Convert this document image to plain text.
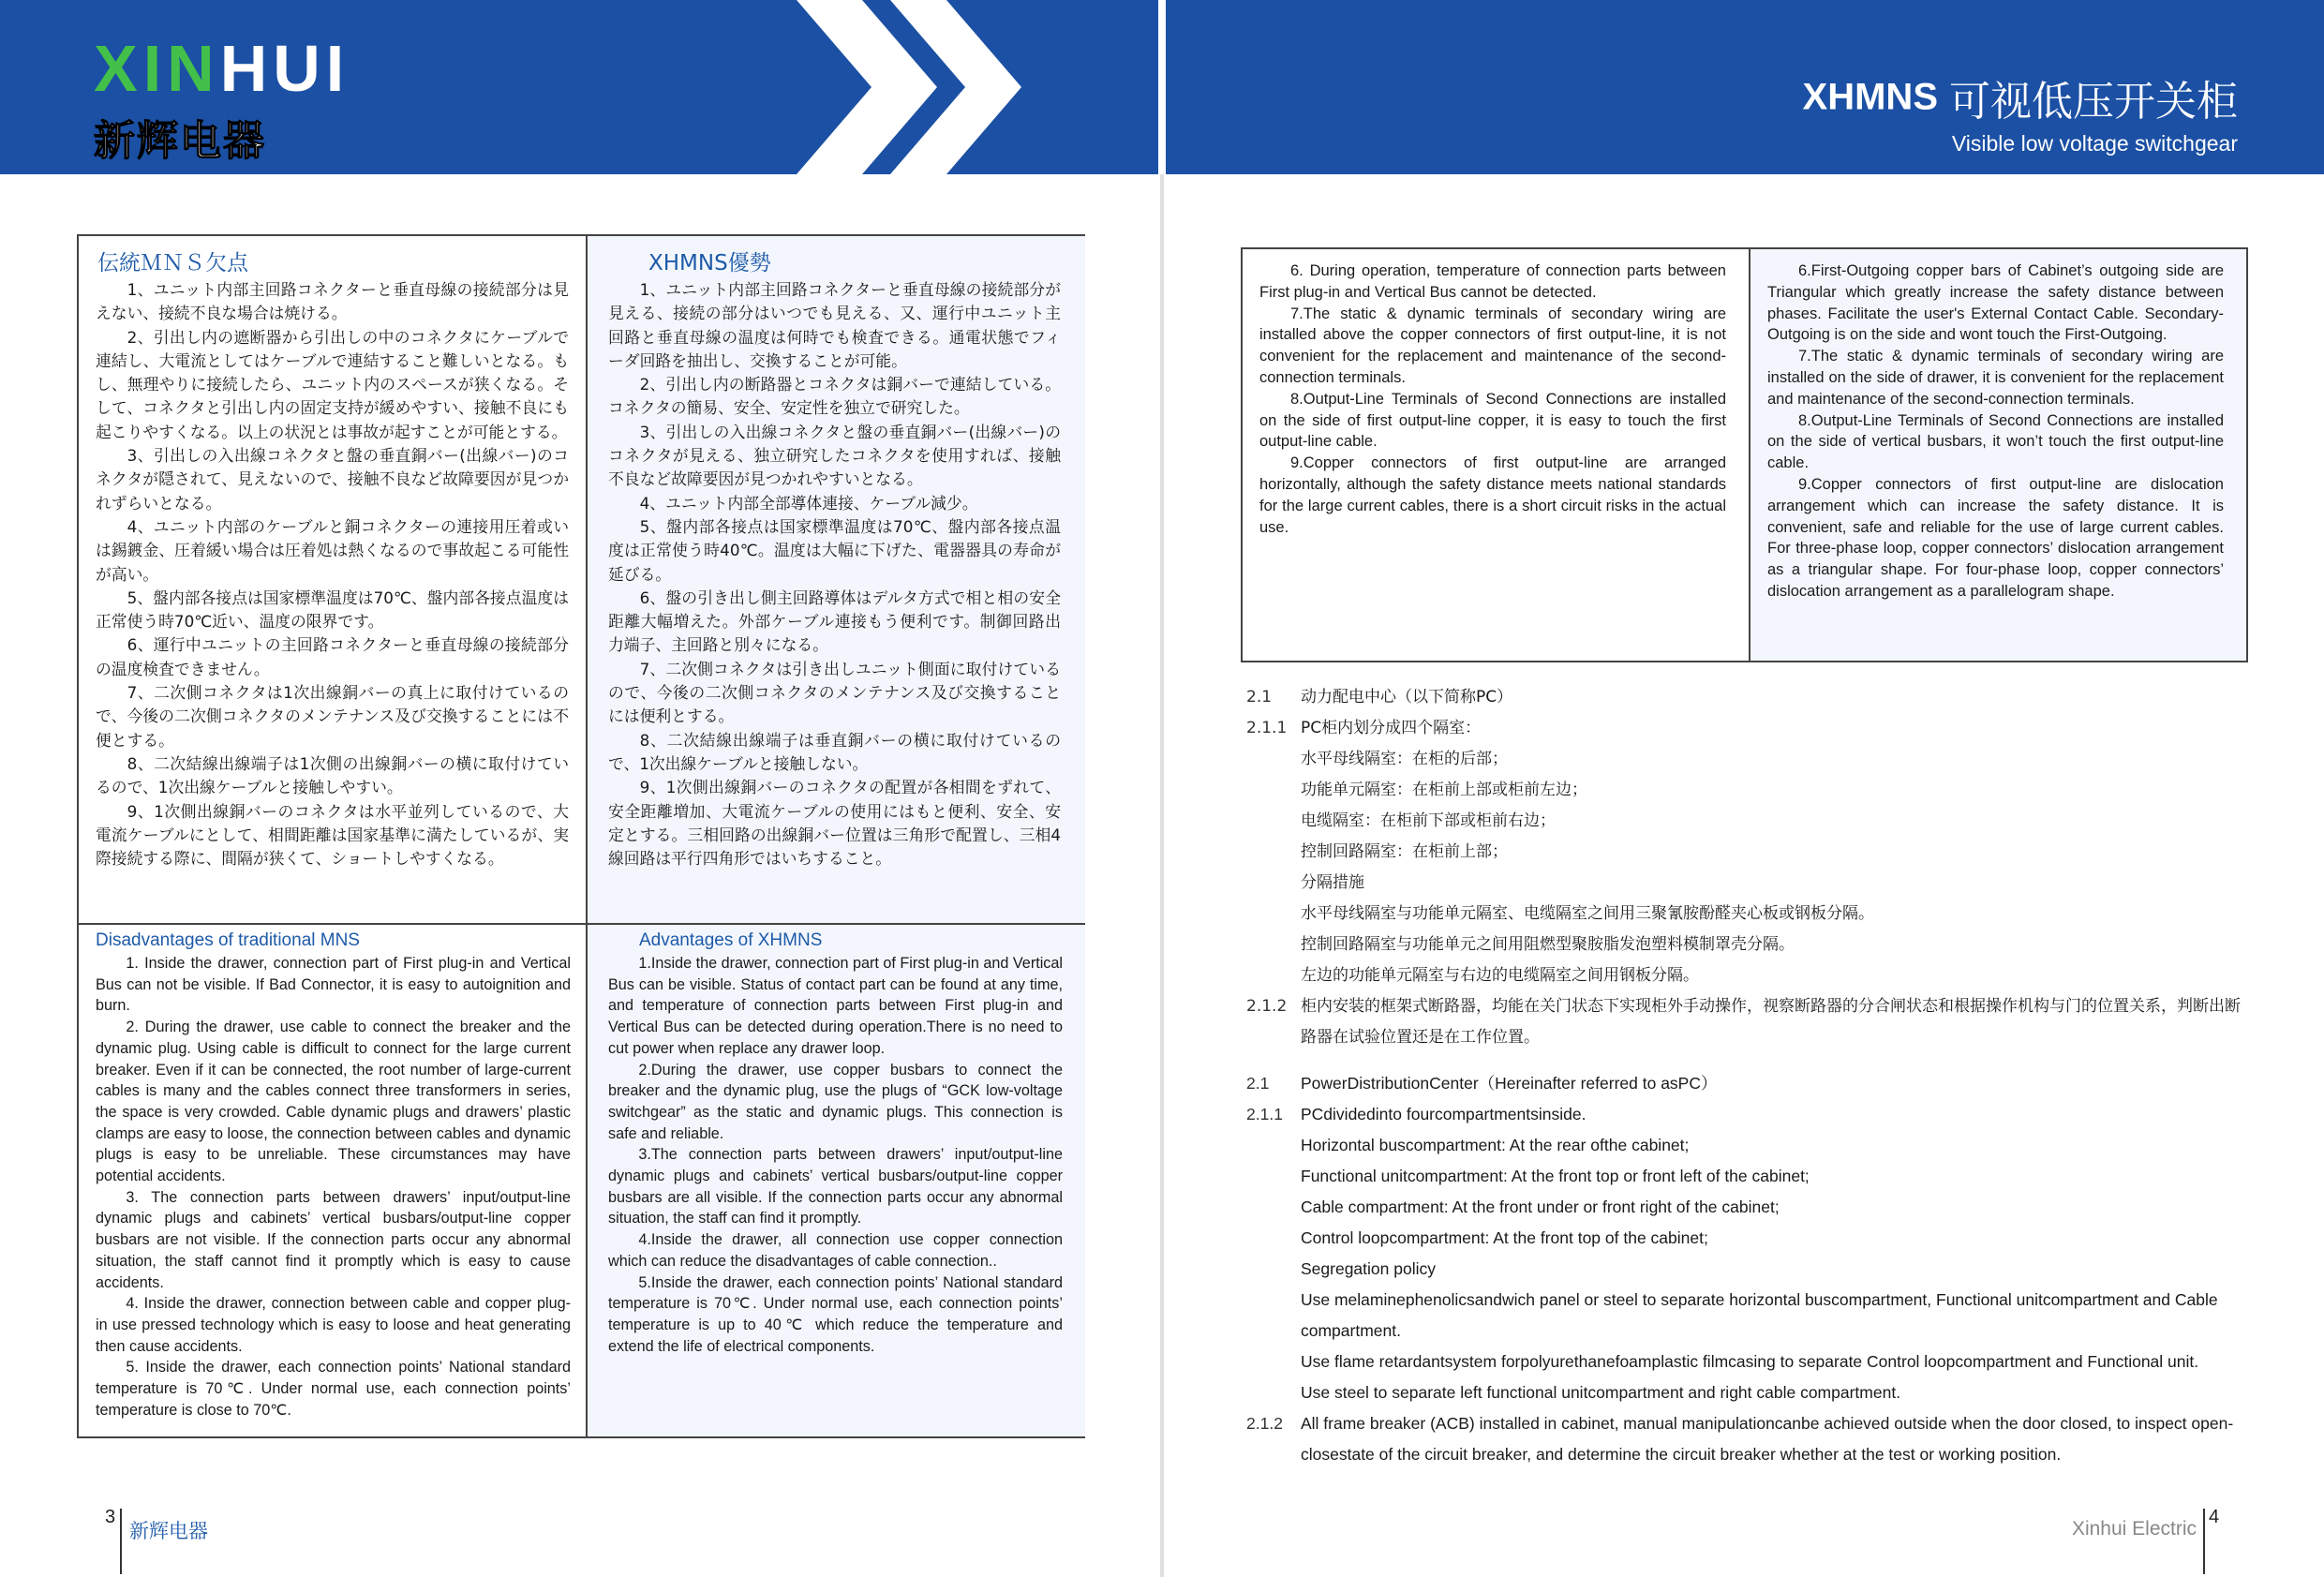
XINHUI
新辉电器
XHMNS 可视低压开关柜
Visible low voltage switchgear
伝統ＭＮＳ欠点

1、ユニット内部主回路コネクターと垂直母線の接続部分は見えない、接続不良な場合は焼ける。

2、引出し内の遮断器から引出しの中のコネクタにケーブルで連結し、大電流としてはケーブルで連結すること難しいとなる。もし、無理やりに接続したら、ユニット内のスペースが狭くなる。そして、コネクタと引出し内の固定支持が緩めやすい、接触不良にも起こりやすくなる。以上の状況とは事故が起すことが可能とする。

3、引出しの入出線コネクタと盤の垂直銅バー(出線バー)のコネクタが隠されて、見えないので、接触不良など故障要因が見つかれずらいとなる。

4、ユニット内部のケーブルと銅コネクターの連接用圧着或いは錫鍍金、圧着緩い場合は圧着処は熱くなるので事故起こる可能性が高い。

5、盤内部各接点は国家標準温度は70℃、盤内部各接点温度は正常使う時70℃近い、温度の限界です。

6、運行中ユニットの主回路コネクターと垂直母線の接続部分の温度検査できません。

7、二次側コネクタは1次出線銅バーの真上に取付けているので、今後の二次側コネクタのメンテナンス及び交換することには不便とする。

8、二次結線出線端子は1次側の出線銅バーの横に取付けているので、1次出線ケーブルと接触しやすい。

9、1次側出線銅バーのコネクタは水平並列しているので、大電流ケーブルにとして、相間距離は国家基準に満たしているが、実際接続する際に、間隔が狭くて、ショートしやすくなる。

XHMNS優勢

1、ユニット内部主回路コネクターと垂直母線の接続部分が見える、接続の部分はいつでも見える、又、運行中ユニット主回路と垂直母線の温度は何時でも検査できる。通電状態でフィーダ回路を抽出し、交換することが可能。

2、引出し内の断路器とコネクタは銅バーで連結している。コネクタの簡易、安全、安定性を独立で研究した。

3、引出しの入出線コネクタと盤の垂直銅バー(出線バー)のコネクタが見える、独立研究したコネクタを使用すれば、接触不良など故障要因が見つかれやすいとなる。

4、ユニット内部全部導体連接、ケーブル減少。

5、盤内部各接点は国家標準温度は70℃、盤内部各接点温度は正常使う時40℃。温度は大幅に下げた、電器器具の寿命が延びる。

6、盤の引き出し側主回路導体はデルタ方式で相と相の安全距離大幅増えた。外部ケーブル連接もう便利です。制御回路出力端子、主回路と別々になる。

7、二次側コネクタは引き出しユニット側面に取付けているので、今後の二次側コネクタのメンテナンス及び交換することには便利とする。

8、二次結線出線端子は垂直銅バーの横に取付けているので、1次出線ケーブルと接触しない。

9、1次側出線銅バーのコネクタの配置が各相間をずれて、安全距離増加、大電流ケーブルの使用にはもと便利、安全、安定とする。三相回路の出線銅バー位置は三角形で配置し、三相4線回路は平行四角形ではいちすること。

Disadvantages of traditional MNS

1. Inside the drawer, connection part of First plug-in and Vertical Bus can not be visible. If Bad Connector, it is easy to autoignition and burn.

2. During the drawer, use cable to connect the breaker and the dynamic plug. Using cable is difficult to connect for the large current breaker. Even if it can be connected, the root number of large-current cables is many and the cables connect three transformers in series, the space is very crowded. Cable dynamic plugs and drawers’ plastic clamps are easy to loose, the connection between cables and dynamic plugs is easy to be unreliable. These circumstances may have potential accidents.

3. The connection parts between drawers’ input/output-line dynamic plugs and cabinets’ vertical busbars/output-line copper busbars are not visible. If the connection parts occur any abnormal situation, the staff cannot find it promptly which is easy to cause accidents.

4. Inside the drawer, connection between cable and copper plug-in use pressed technology which is easy to loose and heat generating then cause accidents.

5. Inside the drawer, each connection points’ National standard temperature is 70℃. Under normal use, each connection points’ temperature is close to 70℃.

Advantages of XHMNS

1.Inside the drawer, connection part of First plug-in and Vertical Bus can be visible. Status of contact part can be found at any time, and temperature of connection parts between First plug-in and Vertical Bus can be detected during operation.There is no need to cut power when replace any drawer loop.

2.During the drawer, use copper busbars to connect the breaker and the dynamic plug, use the plugs of “GCK low-voltage switchgear” as the static and dynamic plugs. This connection is safe and reliable.

3.The connection parts between drawers’ input/output-line dynamic plugs and cabinets’ vertical busbars/output-line copper busbars are all visible. If the connection parts occur any abnormal situation, the staff can find it promptly.

4.Inside the drawer, all connection use copper connection which can reduce the disadvantages of cable connection..

5.Inside the drawer, each connection points’ National standard temperature is 70℃. Under normal use, each connection points’ temperature is up to 40℃ which reduce the temperature and extend the life of electrical components.

6. During operation, temperature of connection parts between First plug-in and Vertical Bus cannot be detected.

7.The static & dynamic terminals of secondary wiring are installed above the copper connectors of first output-line, it is not convenient for the replacement and maintenance of the second-connection terminals.

8.Output-Line Terminals of Second Connections are installed on the side of first output-line copper, it is easy to touch the first output-line cable.

9.Copper connectors of first output-line are arranged horizontally, although the safety distance meets national standards for the large current cables, there is a short circuit risks in the actual use.

6.First-Outgoing copper bars of Cabinet’s outgoing side are Triangular which greatly increase the safety distance between phases. Facilitate the user's External Contact Cable. Secondary-Outgoing is on the side and wont touch the First-Outgoing.

7.The static & dynamic terminals of secondary wiring are installed on the side of drawer, it is convenient for the replacement and maintenance of the second-connection terminals.

8.Output-Line Terminals of Second Connections are installed on the side of vertical busbars, it won’t touch the first output-line cable.

9.Copper connectors of first output-line are dislocation arrangement which can increase the safety distance. It is convenient, safe and reliable for the use of large current cables. For three-phase loop, copper connectors’ dislocation arrangement as a triangular shape. For four-phase loop, copper connectors’ dislocation arrangement as a parallelogram shape.

2.1	动力配电中心（以下简称PC）
2.1.1 PC柜内划分成四个隔室：
水平母线隔室：在柜的后部；
功能单元隔室：在柜前上部或柜前左边；
电缆隔室：在柜前下部或柜前右边；
控制回路隔室：在柜前上部；
分隔措施
水平母线隔室与功能单元隔室、电缆隔室之间用三聚氰胺酚醛夹心板或钢板分隔。
控制回路隔室与功能单元之间用阻燃型聚胺脂发泡塑料模制罩壳分隔。
左边的功能单元隔室与右边的电缆隔室之间用钢板分隔。
2.1.2 柜内安装的框架式断路器，均能在关门状态下实现柜外手动操作，视察断路器的分合闸状态和根据操作机构与门的位置关系，判断出断路器在试验位置还是在工作位置。
2.1	PowerDistributionCenter（Hereinafter referred to asPC）
2.1.1	PCdividedinto fourcompartmentsinside.
Horizontal buscompartment: At the rear ofthe cabinet;
Functional unitcompartment: At the front top or front left of the cabinet;
Cable compartment: At the front under or front right of the cabinet;
Control loopcompartment: At the front top of the cabinet;
Segregation policy
Use melaminephenolicsandwich panel or steel to separate horizontal buscompartment, Functional unitcompartment and Cable compartment.
Use flame retardantsystem forpolyurethanefoamplastic filmcasing to separate Control loopcompartment and Functional unit.
Use steel to separate left functional unitcompartment and right cable compartment.
2.1.2	All frame breaker (ACB) installed in cabinet, manual manipulationcanbe achieved outside when the door closed, to inspect open-closestate of the circuit breaker, and determine the circuit breaker whether at the test or working position.
3
新辉电器	Xinhui Electric
4
